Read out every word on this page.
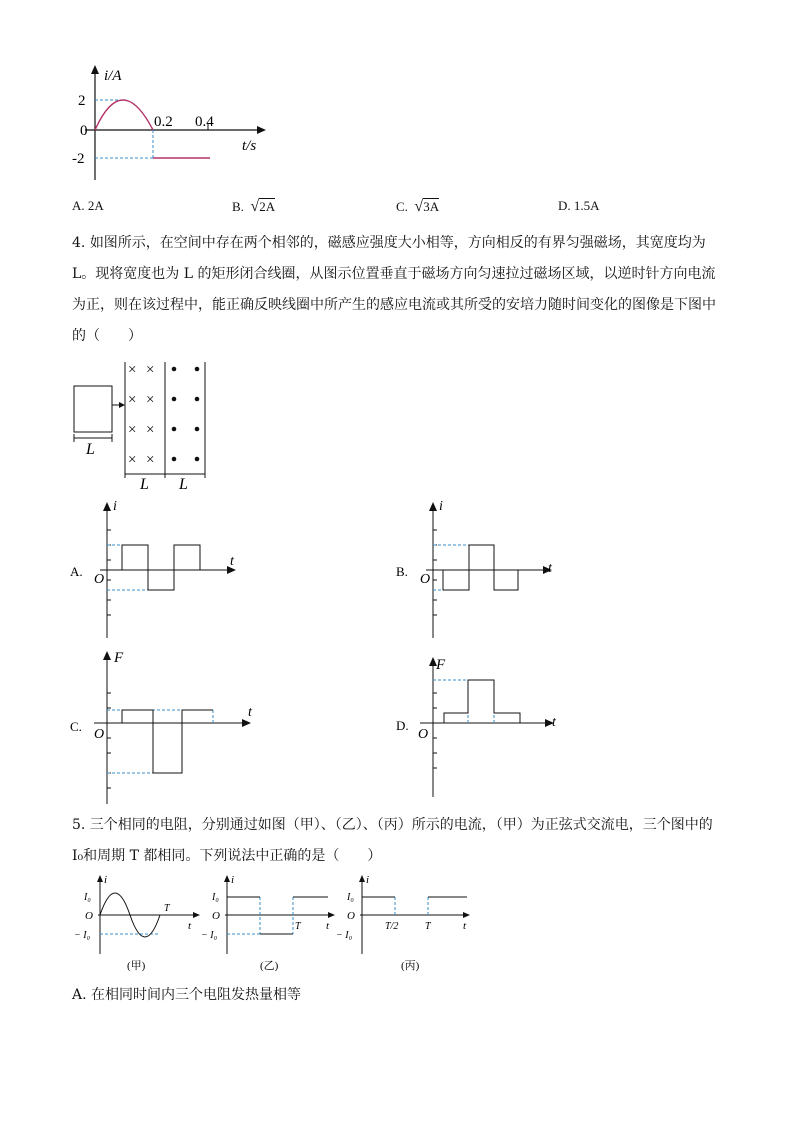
i/A
2
0
-2
0.2 0.4
t/s
A. 2A	B. √2A	C. √3A	D. 1.5A
4. 如图所示，在空间中存在两个相邻的，磁感应强度大小相等，方向相反的有界匀强磁场，其宽度均为
L。现将宽度也为 L 的矩形闭合线圈，从图示位置垂直于磁场方向匀速拉过磁场区域，以逆时针方向电流
为正，则在该过程中，能正确反映线圈中所产生的感应电流或其所受的安培力随时间变化的图像是下图中
的（　　）
× ×
× ×
× ×
× ×
L
L L
A.
i
t
O
B.
i
t
O
C.
F
t
O
D.
F
t
O
5. 三个相同的电阻，分别通过如图（甲）、（乙）、（丙）所示的电流，（甲）为正弦式交流电，三个图中的
I₀和周期 T 都相同。下列说法中正确的是（　　）
i
I₀
O
− I₀
T
t
(甲)
i
I₀
O
− I₀
T t
(乙)
i
I₀
O
− I₀
T/2	T	t
(丙)
A. 在相同时间内三个电阻发热量相等
